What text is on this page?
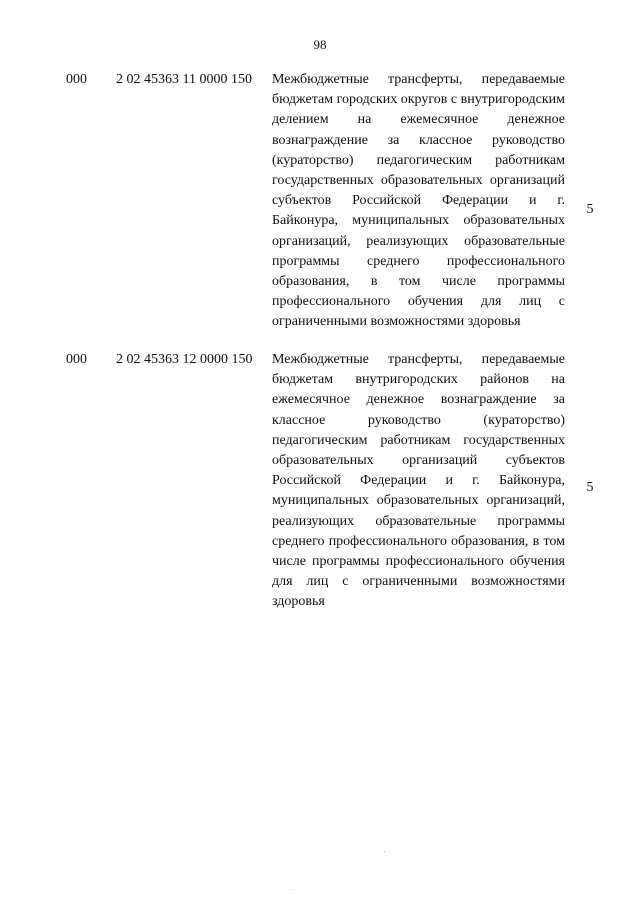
98
000 2 02 45363 11 0000 150 Межбюджетные трансферты, передаваемые бюджетам городских округов с внутригородским делением на ежемесячное денежное вознаграждение за классное руководство (кураторство) педагогическим работникам государственных образовательных организаций субъектов Российской Федерации и г. Байконура, муниципальных образовательных организаций, реализующих образовательные программы среднего профессионального образования, в том числе программы профессионального обучения для лиц с ограниченными возможностями здоровья

5
000 2 02 45363 12 0000 150 Межбюджетные трансферты, передаваемые бюджетам внутригородских районов на ежемесячное денежное вознаграждение за классное руководство (кураторство) педагогическим работникам государственных образовательных организаций субъектов Российской Федерации и г. Байконура, муниципальных образовательных организаций, реализующих образовательные программы среднего профессионального образования, в том числе программы профессионального обучения для лиц с ограниченными возможностями здоровья

5
